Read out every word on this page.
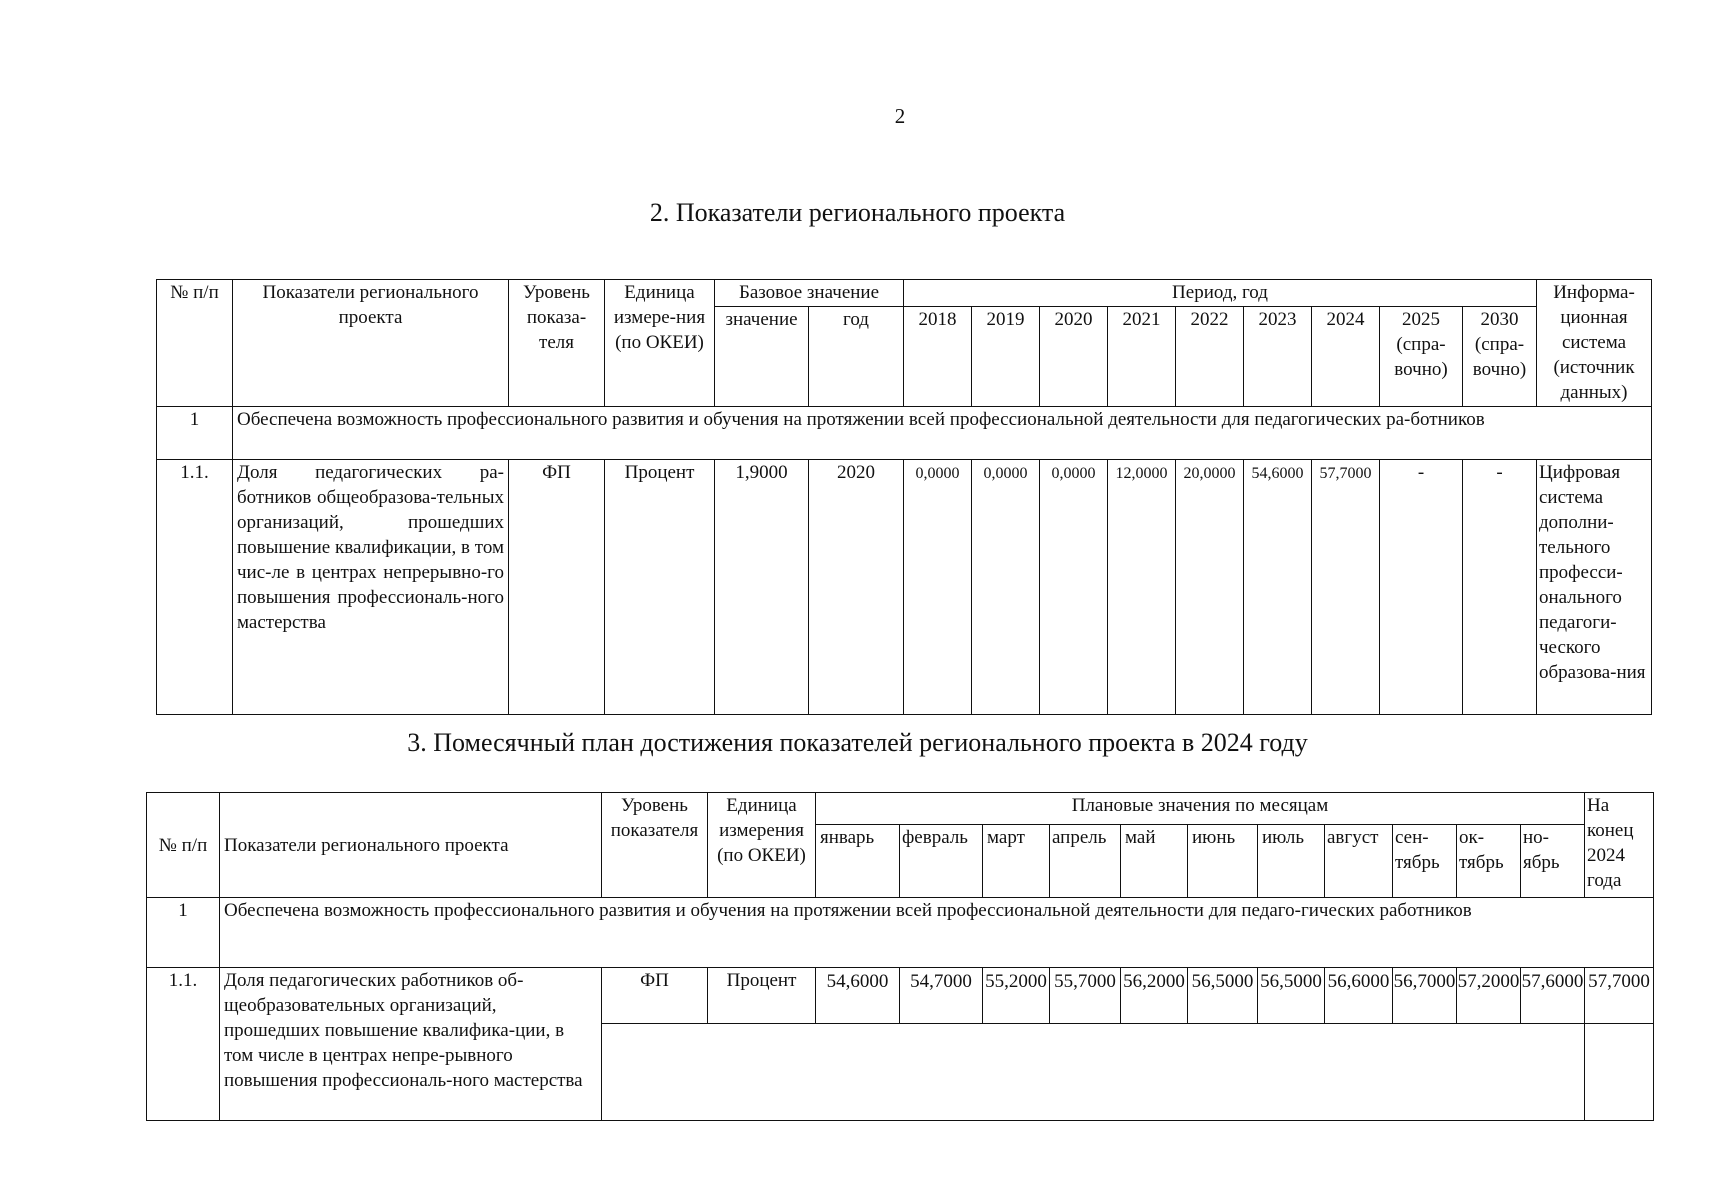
2
2. Показатели регионального проекта
№ п/п	Показатели регионального проекта	Уровень показа-теля	Единица измере-ния (по ОКЕИ)	Базовое значение		Период, год									Информа-ционная система (источник данных)
				значение	год	2018	2019	2020	2021	2022	2023	2024	2025 (спра-вочно)	2030 (спра-вочно)	
1	Обеспечена возможность профессионального развития и обучения на протяжении всей профессиональной деятельности для педагогических ра-ботников														
1.1.	Доля педагогических ра-ботников общеобразова-тельных организаций, прошедших повышение квалификации, в том чис-ле в центрах непрерывно-го повышения профессиональ-ного мастерства	ФП	Процент	1,9000	2020	0,0000	0,0000	0,0000	12,0000	20,0000	54,6000	57,7000	-	-	Цифровая система дополни-тельного професси-онального педагоги-ческого образова-ния
3. Помесячный план достижения показателей регионального проекта в 2024 году
№ п/п	Показатели регионального проекта	Уровень показателя	Единица измерения (по ОКЕИ)	Плановые значения по месяцам											На конец 2024 года
				январь	февраль	март	апрель	май	июнь	июль	август	сен-тябрь	ок-тябрь	но-ябрь	
1	Обеспечена возможность профессионального развития и обучения на протяжении всей профессиональной деятельности для педаго-гических работников														
1.1.	Доля педагогических работников об-щеобразовательных организаций, прошедших повышение квалифика-ции, в том числе в центрах непре-рывного повышения профессиональ-ного мастерства	ФП	Процент	54,6000	54,7000	55,2000	55,7000	56,2000	56,5000	56,5000	56,6000	56,7000	57,2000	57,6000	57,7000
